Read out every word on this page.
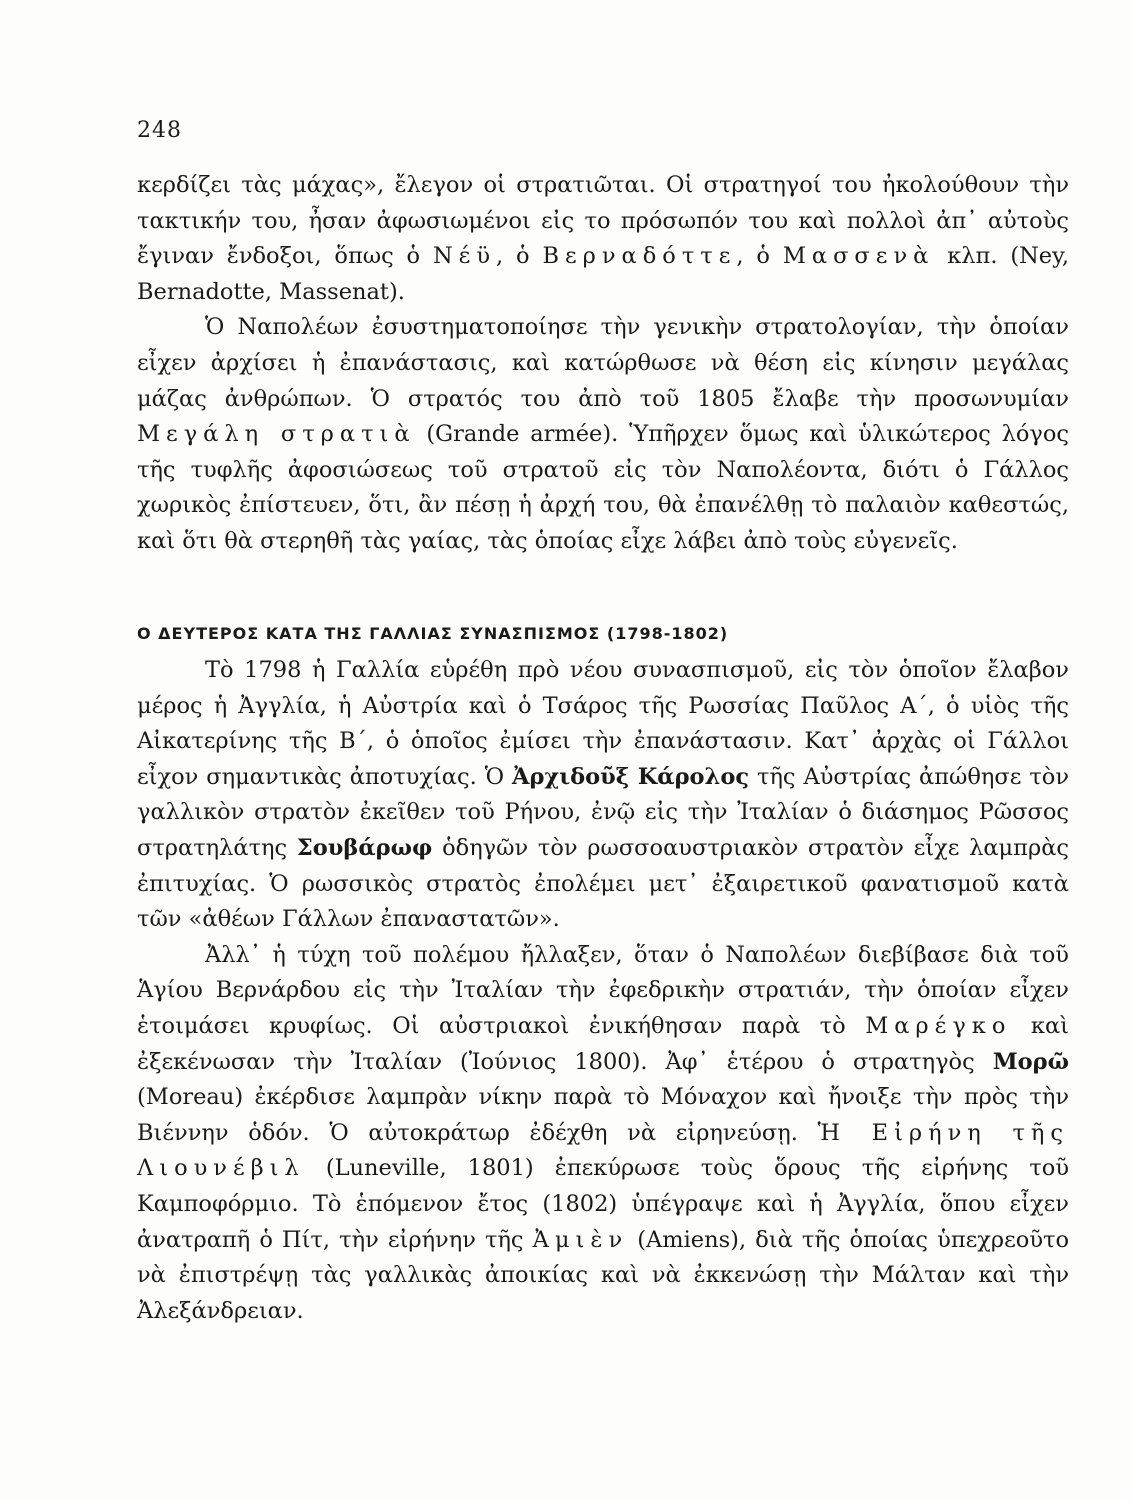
248

κερδίζει τὰς μάχας», ἔλεγον οἱ στρατιῶται. Οἱ στρατηγοί του ἠκολούθουν τὴν τακτικήν του, ἦσαν ἀφωσιωμένοι εἰς το πρόσωπόν του καὶ πολλοὶ ἀπ᾽ αὐτοὺς ἔγιναν ἔνδοξοι, ὅπως ὁ Νέϋ, ὁ Βερναδόττε, ὁ Μασσενὰ κλπ. (Ney, Bernadotte, Massenat).

Ὁ Ναπολέων ἐσυστηματοποίησε τὴν γενικὴν στρατολογίαν, τὴν ὁποίαν εἶχεν ἀρχίσει ἡ ἐπανάστασις, καὶ κατώρθωσε νὰ θέση εἰς κίνησιν μεγάλας μάζας ἀνθρώπων. Ὁ στρατός του ἀπὸ τοῦ 1805 ἔλαβε τὴν προσωνυμίαν Μεγάλη στρατιὰ (Grande armée). Ὑπῆρχεν ὅμως καὶ ὑλικώτερος λόγος τῆς τυφλῆς ἀφοσιώσεως τοῦ στρατοῦ εἰς τὸν Ναπολέοντα, διότι ὁ Γάλλος χωρικὸς ἐπίστευεν, ὅτι, ἂν πέσῃ ἡ ἀρχή του, θὰ ἐπανέλθῃ τὸ παλαιὸν καθεστώς, καὶ ὅτι θὰ στερηθῆ τὰς γαίας, τὰς ὁποίας εἶχε λάβει ἀπὸ τοὺς εὐγενεῖς.

Ο ΔΕΥΤΕΡΟΣ ΚΑΤΑ ΤΗΣ ΓΑΛΛΙΑΣ ΣΥΝΑΣΠΙΣΜΟΣ (1798-1802)

Τὸ 1798 ἡ Γαλλία εὑρέθη πρὸ νέου συνασπισμοῦ, εἰς τὸν ὁποῖον ἔλαβον μέρος ἡ Ἀγγλία, ἡ Αὐστρία καὶ ὁ Τσάρος τῆς Ρωσσίας Παῦλος Α΄, ὁ υἱὸς τῆς Αἰκατερίνης τῆς Β΄, ὁ ὁποῖος ἐμίσει τὴν ἐπανάστασιν. Κατ᾽ ἀρχὰς οἱ Γάλλοι εἶχον σημαντικὰς ἀποτυχίας. Ὁ Ἀρχιδοῦξ Κάρολος τῆς Αὐστρίας ἀπώθησε τὸν γαλλικὸν στρατὸν ἐκεῖθεν τοῦ Ρήνου, ἐνῷ εἰς τὴν Ἰταλίαν ὁ διάσημος Ρῶσσος στρατηλάτης Σουβάρωφ ὁδηγῶν τὸν ρωσσοαυστριακὸν στρατὸν εἶχε λαμπρὰς ἐπιτυχίας. Ὁ ρωσσικὸς στρατὸς ἐπολέμει μετ᾽ ἐξαιρετικοῦ φανατισμοῦ κατὰ τῶν «ἀθέων Γάλλων ἐπαναστατῶν».

Ἀλλ᾽ ἡ τύχη τοῦ πολέμου ἤλλαξεν, ὅταν ὁ Ναπολέων διεβίβασε διὰ τοῦ Ἁγίου Βερνάρδου εἰς τὴν Ἰταλίαν τὴν ἐφεδρικὴν στρατιάν, τὴν ὁποίαν εἶχεν ἑτοιμάσει κρυφίως. Οἱ αὐστριακοὶ ἐνικήθησαν παρὰ τὸ Μαρέγκο καὶ ἐξεκένωσαν τὴν Ἰταλίαν (Ἰούνιος 1800). Ἀφ᾽ ἑτέρου ὁ στρατηγὸς Μορῶ (Moreau) ἐκέρδισε λαμπρὰν νίκην παρὰ τὸ Μόναχον καὶ ἤνοιξε τὴν πρὸς τὴν Βιέννην ὁδόν. Ὁ αὐτοκράτωρ ἐδέχθη νὰ εἰρηνεύσῃ. Ἡ Εἰρήνη τῆς Λιουνέβιλ (Luneville, 1801) ἐπεκύρωσε τοὺς ὅρους τῆς εἰρήνης τοῦ Καμποφόρμιο. Τὸ ἑπόμενον ἔτος (1802) ὑπέγραψε καὶ ἡ Ἀγγλία, ὅπου εἶχεν ἀνατραπῆ ὁ Πίτ, τὴν εἰρήνην τῆς Ἀμιὲν (Amiens), διὰ τῆς ὁποίας ὑπεχρεοῦτο νὰ ἐπιστρέψῃ τὰς γαλλικὰς ἀποικίας καὶ νὰ ἐκκενώσῃ τὴν Μάλταν καὶ τὴν Ἀλεξάνδρειαν.
